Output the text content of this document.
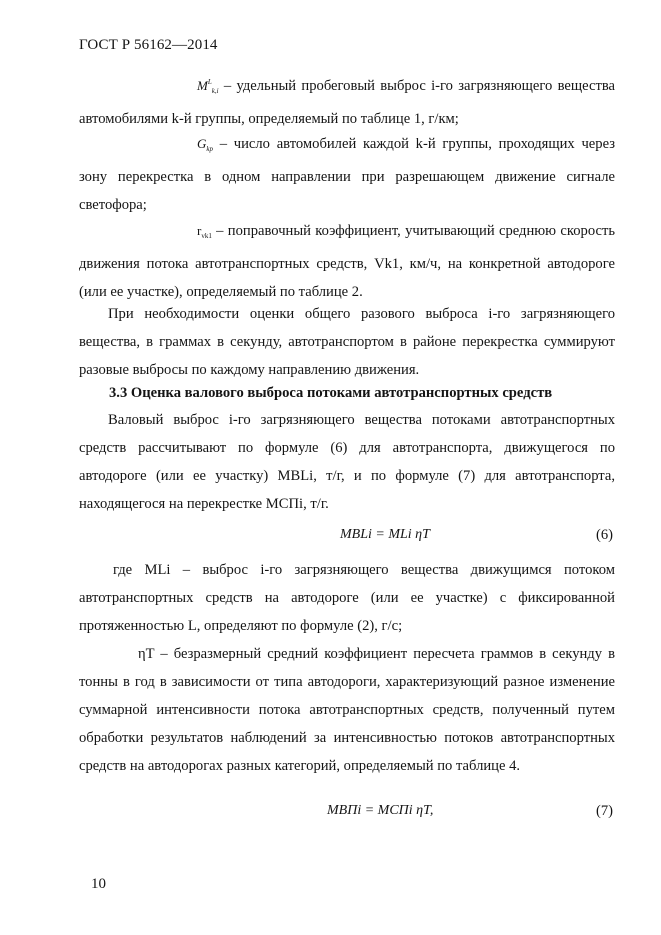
ГОСТ Р 56162—2014
$M^L_{k,i}$ – удельный пробеговый выброс i-го загрязняющего вещества автомобилями k-й группы, определяемый по таблице 1, г/км;
$G_{kp}$ – число автомобилей каждой k-й группы, проходящих через зону перекрестка в одном направлении при разрешающем движение сигнале светофора;
$r_{vk1}$ – поправочный коэффициент, учитывающий среднюю скорость движения потока автотранспортных средств, Vk1, км/ч, на конкретной автодороге (или ее участке), определяемый по таблице 2.
При необходимости оценки общего разового выброса i-го загрязняющего вещества, в граммах в секунду, автотранспортом в районе перекрестка суммируют разовые выбросы по каждому направлению движения.
3.3 Оценка валового выброса потоками автотранспортных средств
Валовый выброс i-го загрязняющего вещества потоками автотранспортных средств рассчитывают по формуле (6) для автотранспорта, движущегося по автодороге (или ее участку) MBLi, т/г, и по формуле (7) для автотранспорта, находящегося на перекрестке MCПi, т/г.
MBLi = MLi ηT	(6)
где MLi – выброс i-го загрязняющего вещества движущимся потоком автотранспортных средств на автодороге (или ее участке) с фиксированной протяженностью L, определяют по формуле (2), г/с;
ηT – безразмерный средний коэффициент пересчета граммов в секунду в тонны в год в зависимости от типа автодороги, характеризующий разное изменение суммарной интенсивности потока автотранспортных средств, полученный путем обработки результатов наблюдений за интенсивностью потоков автотранспортных средств на автодорогах разных категорий, определяемый по таблице 4.
MBПi = MCПi ηT,	(7)
10
